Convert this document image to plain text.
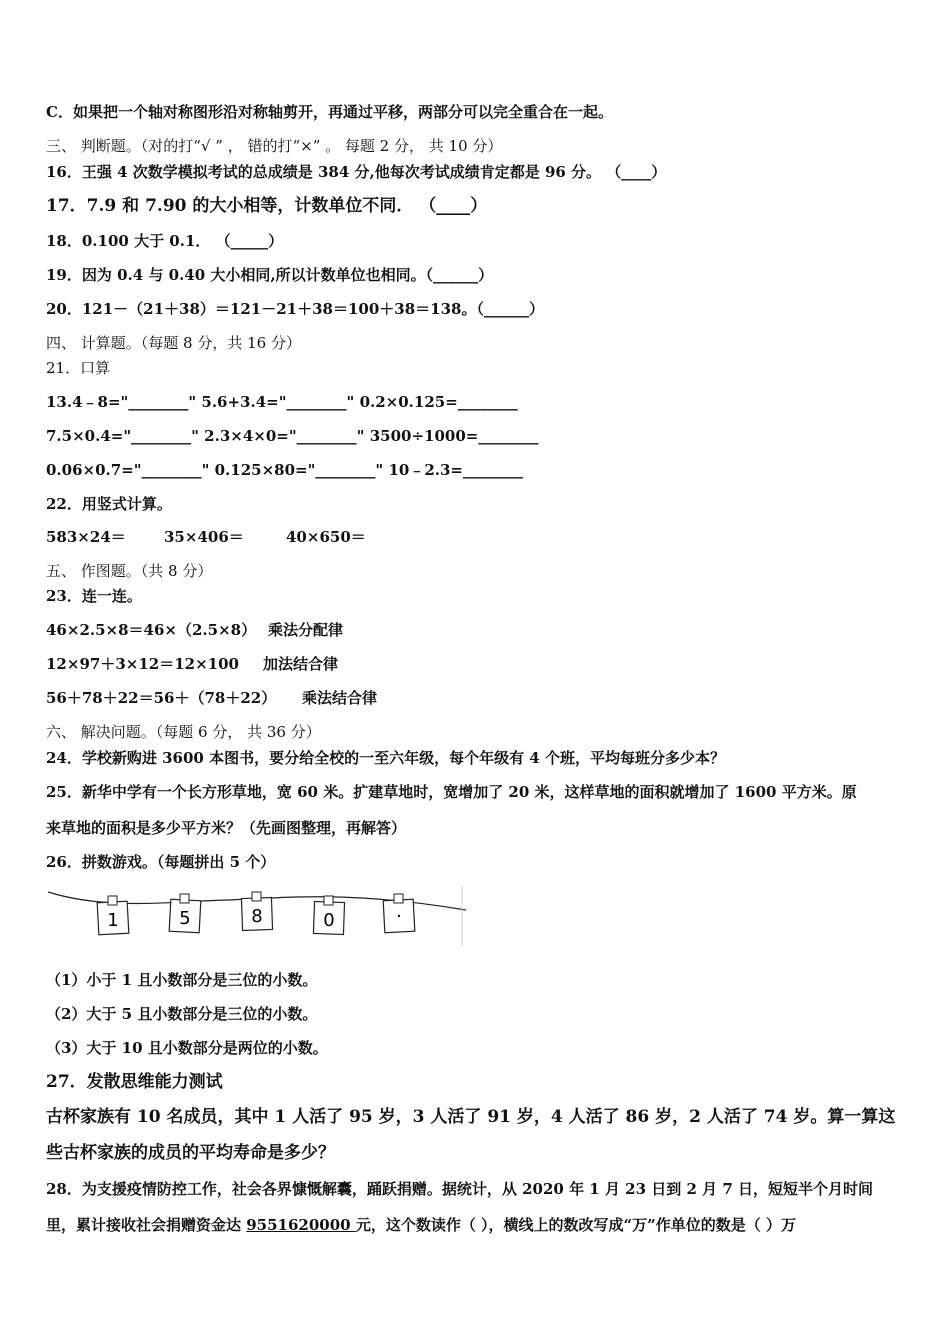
C．如果把一个轴对称图形沿对称轴剪开，再通过平移，两部分可以完全重合在一起。
三、 判断题。（对的打“√ ” ， 错的打“×” 。 每题 2 分， 共 10 分）
16．王强 4 次数学模拟考试的总成绩是 384 分,他每次考试成绩肯定都是 96 分。 （____）
17．7.9 和 7.90 的大小相等，计数单位不同． （____）
18．0.100 大于 0.1． （_____）
19．因为 0.4 与 0.40 大小相同,所以计数单位也相同。（______）
20．121－（21＋38）＝121－21＋38＝100＋38＝138。（______）
四、 计算题。（每题 8 分，共 16 分）
21．口算
13.4﹣8="________" 5.6+3.4="________" 0.2×0.125=________
7.5×0.4="________" 2.3×4×0="________" 3500÷1000=________
0.06×0.7="________" 0.125×80="________" 10﹣2.3=________
22．用竖式计算。
583×24＝	35×406＝	40×650＝
五、 作图题。（共 8 分）
23．连一连。
46×2.5×8＝46×（2.5×8） 乘法分配律
12×97＋3×12＝12×100 加法结合律
56＋78＋22＝56＋（78＋22） 乘法结合律
六、 解决问题。（每题 6 分， 共 36 分）
24．学校新购进 3600 本图书，要分给全校的一至六年级，每个年级有 4 个班，平均每班分多少本？
25．新华中学有一个长方形草地，宽 60 米。扩建草地时，宽增加了 20 米，这样草地的面积就增加了 1600 平方米。原
来草地的面积是多少平方米？（先画图整理，再解答）
26．拼数游戏。（每题拼出 5 个）
1	5	8	0	·
（1）小于 1 且小数部分是三位的小数。
（2）大于 5 且小数部分是三位的小数。
（3）大于 10 且小数部分是两位的小数。
27．发散思维能力测试
古杯家族有 10 名成员，其中 1 人活了 95 岁，3 人活了 91 岁，4 人活了 86 岁，2 人活了 74 岁。算一算这
些古杯家族的成员的平均寿命是多少？
28．为支援疫情防控工作，社会各界慷慨解囊，踊跃捐赠。据统计，从 2020 年 1 月 23 日到 2 月 7 日，短短半个月时间
里，累计接收社会捐赠资金达 9551620000 元，这个数读作（ ），横线上的数改写成“万”作单位的数是（ ）万
